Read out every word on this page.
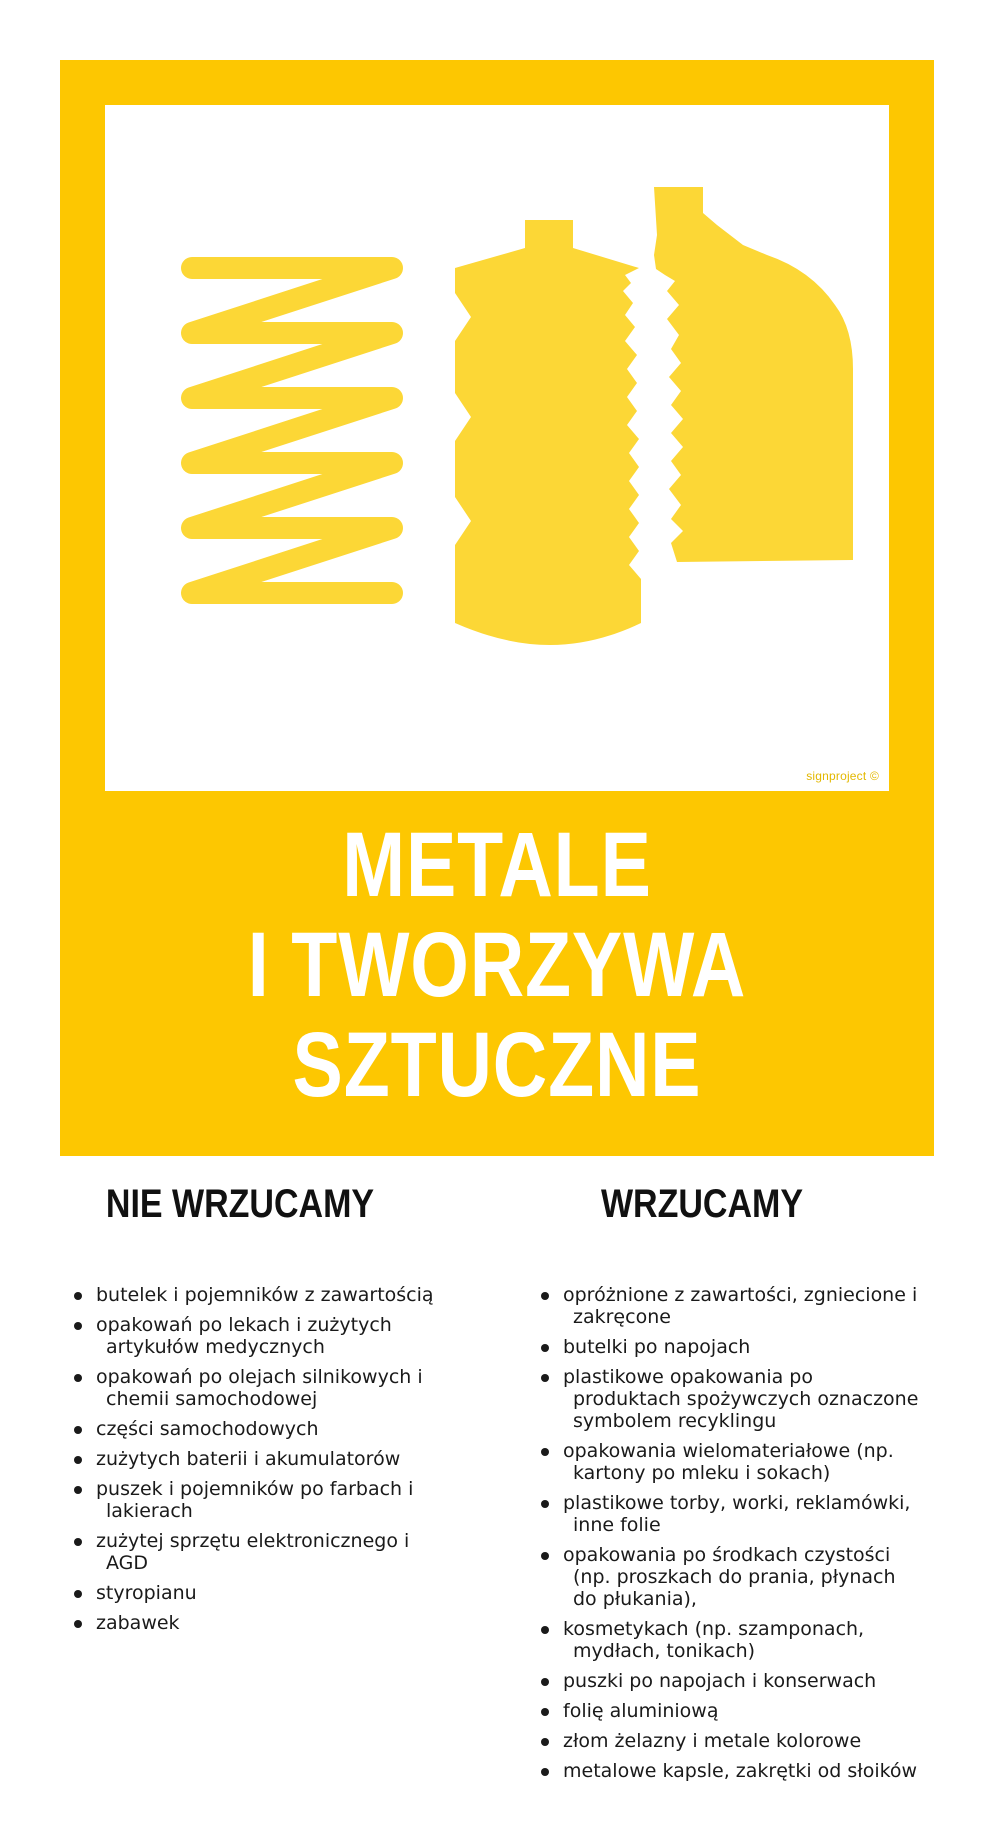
signproject ©
METALE
I TWORZYWA
SZTUCZNE
NIE WRZUCAMY
butelek i pojemników z zawartością
opakowań po lekach i zużytych
artykułów medycznych
opakowań po olejach silnikowych i
chemii samochodowej
części samochodowych
zużytych baterii i akumulatorów
puszek i pojemników po farbach i
lakierach
zużytej sprzętu elektronicznego i
AGD
styropianu
zabawek
WRZUCAMY
opróżnione z zawartości, zgniecione i
zakręcone
butelki po napojach
plastikowe opakowania po
produktach spożywczych oznaczone
symbolem recyklingu
opakowania wielomateriałowe (np.
kartony po mleku i sokach)
plastikowe torby, worki, reklamówki,
inne folie
opakowania po środkach czystości
(np. proszkach do prania, płynach
do płukania),
kosmetykach (np. szamponach,
mydłach, tonikach)
puszki po napojach i konserwach
folię aluminiową
złom żelazny i metale kolorowe
metalowe kapsle, zakrętki od słoików
